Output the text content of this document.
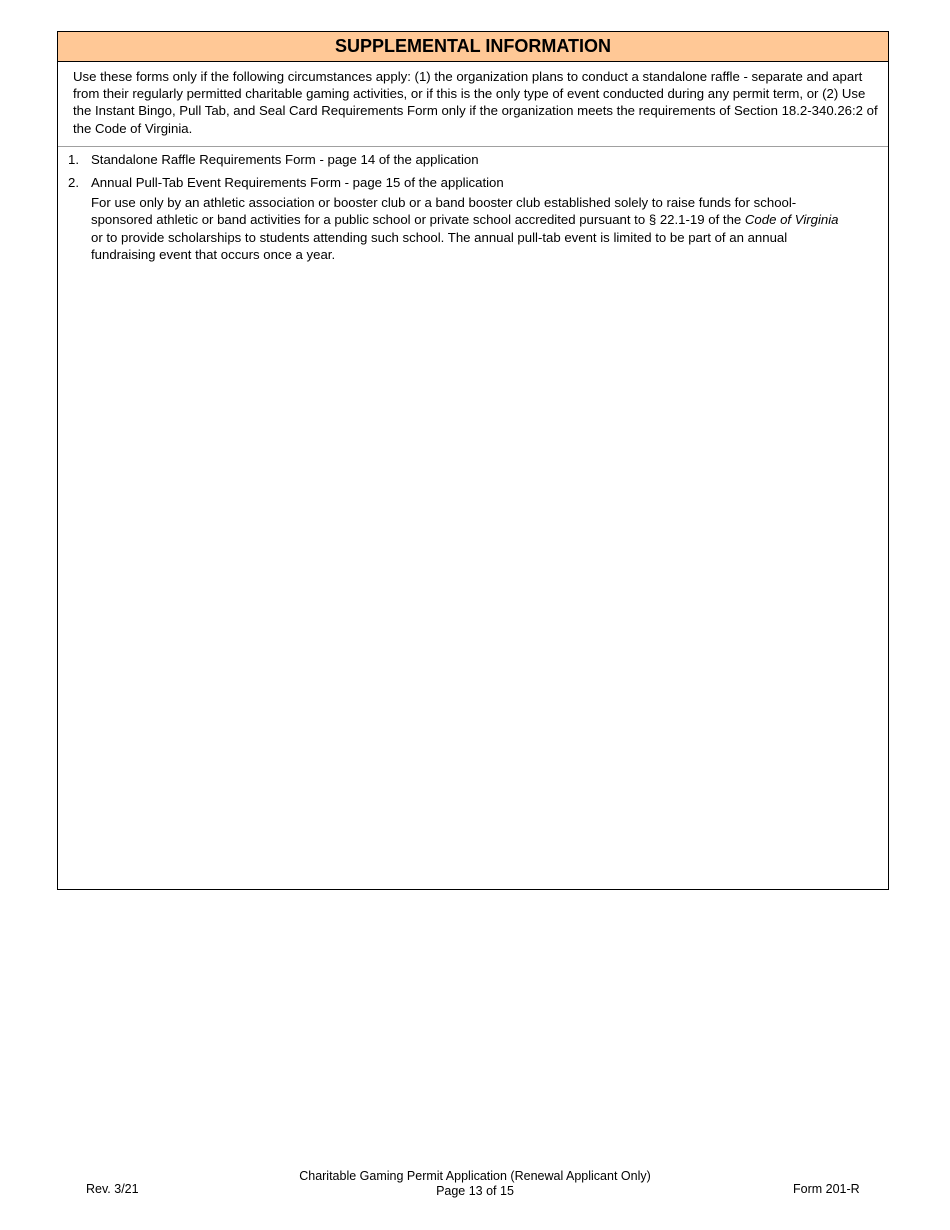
SUPPLEMENTAL INFORMATION
Use these forms only if the following circumstances apply: (1) the organization plans to conduct a standalone raffle - separate and apart from their regularly permitted charitable gaming activities, or if this is the only type of event conducted during any permit term, or (2) Use the Instant Bingo, Pull Tab, and Seal Card Requirements Form only if the organization meets the requirements of Section 18.2-340.26:2 of the Code of Virginia.
1. Standalone Raffle Requirements Form - page 14 of the application
2. Annual Pull-Tab Event Requirements Form - page 15 of the application
For use only by an athletic association or booster club or a band booster club established solely to raise funds for school-sponsored athletic or band activities for a public school or private school accredited pursuant to § 22.1-19 of the Code of Virginia or to provide scholarships to students attending such school. The annual pull-tab event is limited to be part of an annual fundraising event that occurs once a year.
Rev. 3/21
Charitable Gaming Permit Application (Renewal Applicant Only)
Page 13 of 15	Form 201-R
